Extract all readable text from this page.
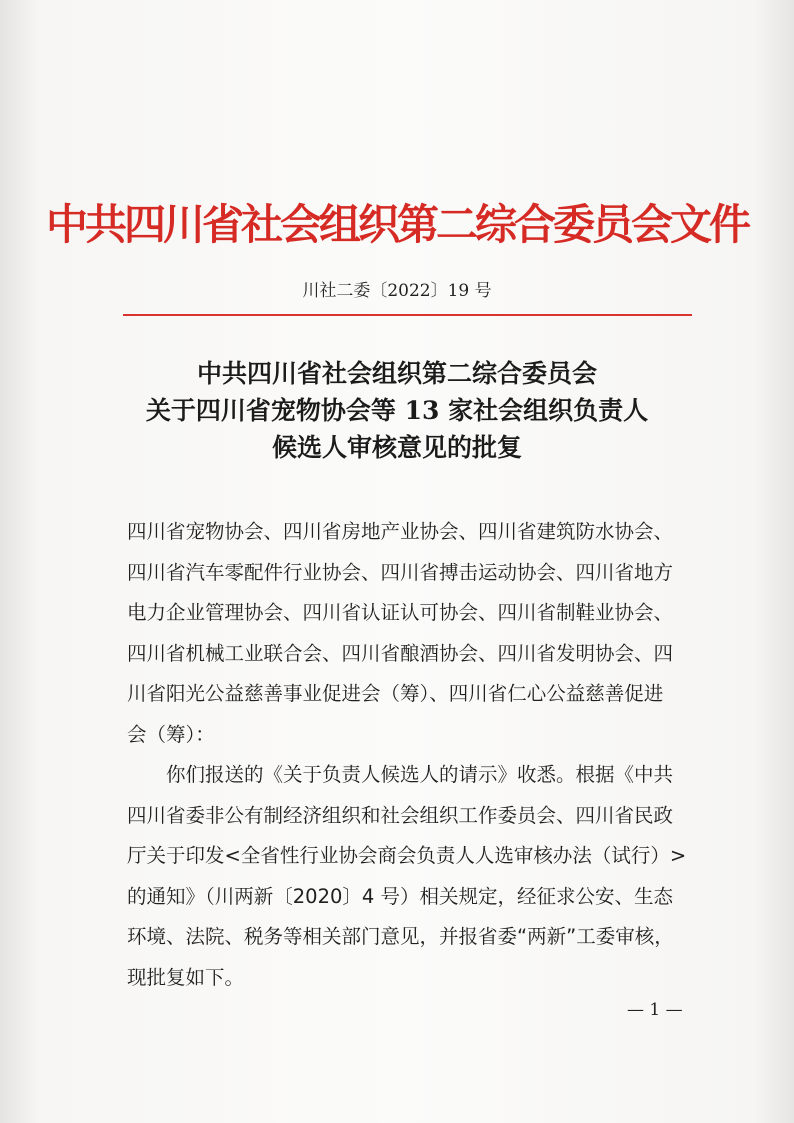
中共四川省社会组织第二综合委员会文件
川社二委〔2022〕19 号
中共四川省社会组织第二综合委员会
关于四川省宠物协会等 13 家社会组织负责人
候选人审核意见的批复
四川省宠物协会、四川省房地产业协会、四川省建筑防水协会、
四川省汽车零配件行业协会、四川省搏击运动协会、四川省地方
电力企业管理协会、四川省认证认可协会、四川省制鞋业协会、
四川省机械工业联合会、四川省酿酒协会、四川省发明协会、四
川省阳光公益慈善事业促进会（筹）、四川省仁心公益慈善促进
会（筹）：
你们报送的《关于负责人候选人的请示》收悉。根据《中共
四川省委非公有制经济组织和社会组织工作委员会、四川省民政
厅关于印发<全省性行业协会商会负责人人选审核办法（试行）>
的通知》（川两新〔2020〕4 号）相关规定，经征求公安、生态
环境、法院、税务等相关部门意见，并报省委“两新”工委审核，
现批复如下。
— 1 —
